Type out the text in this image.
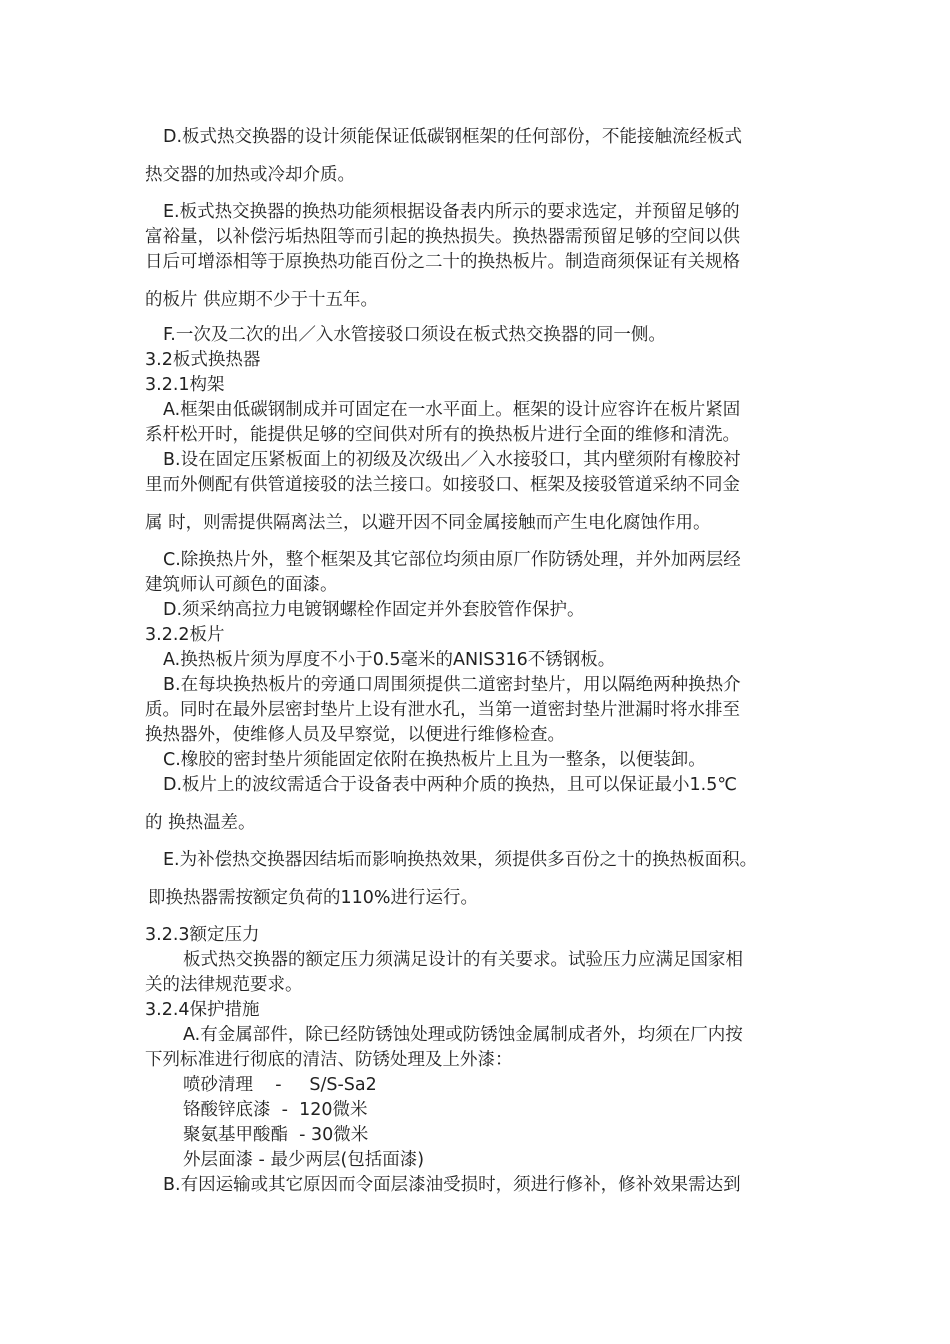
D.板式热交换器的设计须能保证低碳钢框架的任何部份，不能接触流经板式
热交器的加热或冷却介质。
E.板式热交换器的换热功能须根据设备表内所示的要求选定，并预留足够的
富裕量，以补偿污垢热阻等而引起的换热损失。换热器需预留足够的空间以供
日后可增添相等于原换热功能百份之二十的换热板片。制造商须保证有关规格
的板片 供应期不少于十五年。
F.一次及二次的出／入水管接驳口须设在板式热交换器的同一侧。
3.2板式换热器
3.2.1构架
A.框架由低碳钢制成并可固定在一水平面上。框架的设计应容许在板片紧固
系杆松开时，能提供足够的空间供对所有的换热板片进行全面的维修和清洗。
B.设在固定压紧板面上的初级及次级出／入水接驳口，其内壁须附有橡胶衬
里而外侧配有供管道接驳的法兰接口。如接驳口、框架及接驳管道采纳不同金
属 时，则需提供隔离法兰，以避开因不同金属接触而产生电化腐蚀作用。
C.除换热片外，整个框架及其它部位均须由原厂作防锈处理，并外加两层经
建筑师认可颜色的面漆。
D.须采纳高拉力电镀钢螺栓作固定并外套胶管作保护。
3.2.2板片
A.换热板片须为厚度不小于0.5毫米的ANIS316不锈钢板。
B.在每块换热板片的旁通口周围须提供二道密封垫片，用以隔绝两种换热介
质。同时在最外层密封垫片上设有泄水孔，当第一道密封垫片泄漏时将水排至
换热器外，使维修人员及早察觉，以便进行维修检查。
C.橡胶的密封垫片须能固定依附在换热板片上且为一整条，以便装卸。
D.板片上的波纹需适合于设备表中两种介质的换热，且可以保证最小1.5℃
的 换热温差。
E.为补偿热交换器因结垢而影响换热效果，须提供多百份之十的换热板面积。
即换热器需按额定负荷的110%进行运行。
3.2.3额定压力
板式热交换器的额定压力须满足设计的有关要求。试验压力应满足国家相
关的法律规范要求。
3.2.4保护措施
A.有金属部件，除已经防锈蚀处理或防锈蚀金属制成者外，均须在厂内按
下列标准进行彻底的清洁、防锈处理及上外漆：
喷砂清理    -     S/S-Sa2
铬酸锌底漆  -  120微米
聚氨基甲酸酯  - 30微米
外层面漆 - 最少两层(包括面漆)
B.有因运输或其它原因而令面层漆油受损时，须进行修补，修补效果需达到
